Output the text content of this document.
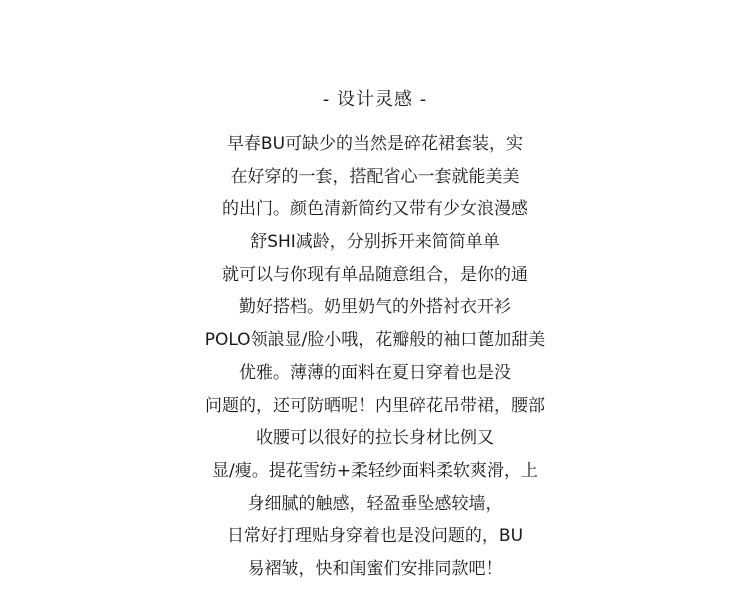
- 设计灵感 -
早春BU可缺少的当然是碎花裙套装，实
在好穿的一套，搭配省心一套就能美美
的出门。颜色清新简约又带有少女浪漫感
舒SHI减龄，分别拆开来简简单单
就可以与你现有单品随意组合，是你的通
勤好搭档。奶里奶气的外搭衬衣开衫
POLO领誏显/脸小哦，花瓣般的袖口蓖加甜美
优雅。薄薄的面料在夏日穿着也是没
问题的，还可防晒呢！内里碎花吊带裙，腰部
收腰可以很好的拉长身材比例又
显/瘦。提花雪纺+柔轻纱面料柔软爽滑，上
身细腻的触感，轻盈垂坠感较墙，
日常好打理贴身穿着也是没问题的，BU
易褶皱，快和闺蜜们安排同款吧！
